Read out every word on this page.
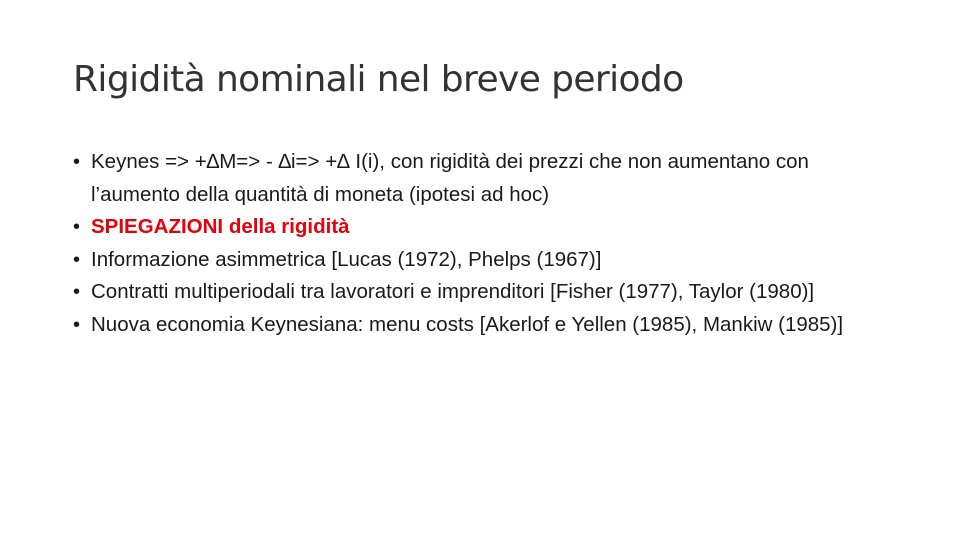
Rigidità nominali nel breve periodo
• Keynes => +∆M=> - ∆i=> +∆ I(i), con rigidità dei prezzi che non aumentano con l’aumento della quantità di moneta (ipotesi ad hoc)
• SPIEGAZIONI della rigidità
• Informazione asimmetrica [Lucas (1972), Phelps (1967)]
• Contratti multiperiodali tra lavoratori e imprenditori [Fisher (1977), Taylor (1980)]
• Nuova economia Keynesiana: menu costs [Akerlof e Yellen (1985), Mankiw (1985)]
